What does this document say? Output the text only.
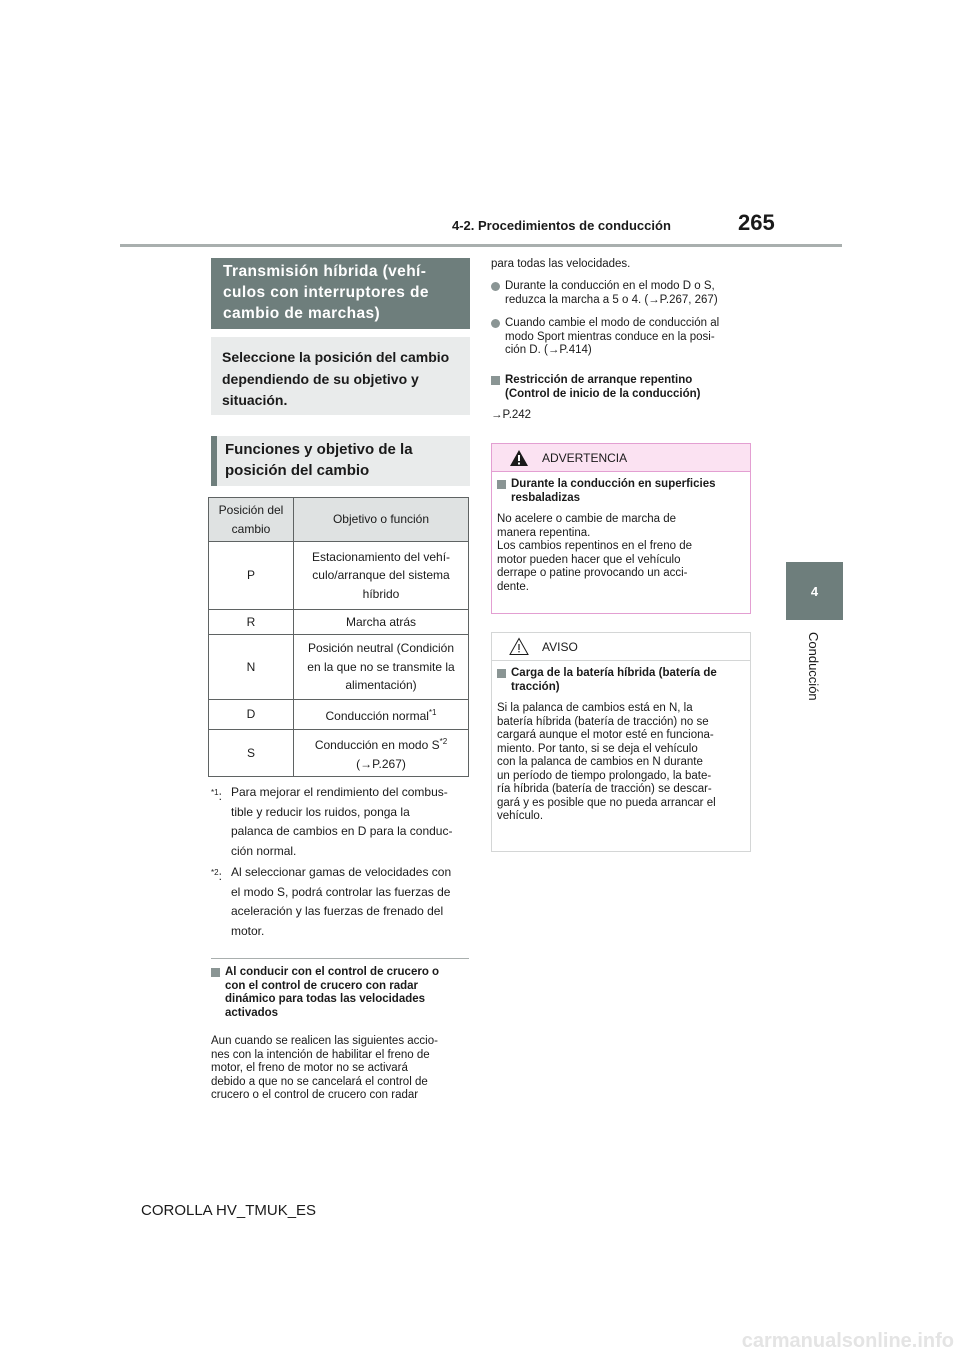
4-2. Procedimientos de conducción	265
4
Conducción
Transmisión híbrida (vehí-
culos con interruptores de
cambio de marchas)
Seleccione la posición del cambio
dependiendo de su objetivo y
situación.
Funciones y objetivo de la
posición del cambio
Posición del
cambio	Objetivo o función
P	Estacionamiento del vehí-
culo/arranque del sistema
híbrido

R	Marcha atrás
N	Posición neutral (Condición
en la que no se transmite la
alimentación)

D	Conducción normal$^{*1}$
S	Conducción en modo $S^{*2}$
(→P.267)
$^{*1}$: Para mejorar el rendimiento del combus-
tible y reducir los ruidos, ponga la
palanca de cambios en D para la conduc-
ción normal.
$^{*2}$: Al seleccionar gamas de velocidades con
el modo S, podrá controlar las fuerzas de
aceleración y las fuerzas de frenado del
motor.
Al conducir con el control de crucero o
con el control de crucero con radar
dinámico para todas las velocidades
activados
Aun cuando se realicen las siguientes accio-
nes con la intención de habilitar el freno de
motor, el freno de motor no se activará
debido a que no se cancelará el control de
crucero o el control de crucero con radar
para todas las velocidades.
Durante la conducción en el modo D o S,
reduzca la marcha a 5 o 4. (→P.267, 267)
Cuando cambie el modo de conducción al
modo Sport mientras conduce en la posi-
ción D. (→P.414)
Restricción de arranque repentino
(Control de inicio de la conducción)
→P.242
ADVERTENCIA
Durante la conducción en superficies
resbaladizas
No acelere o cambie de marcha de
manera repentina.
Los cambios repentinos en el freno de
motor pueden hacer que el vehículo
derrape o patine provocando un acci-
dente.
AVISO
Carga de la batería híbrida (batería de
tracción)
Si la palanca de cambios está en N, la
batería híbrida (batería de tracción) no se
cargará aunque el motor esté en funciona-
miento. Por tanto, si se deja el vehículo
con la palanca de cambios en N durante
un período de tiempo prolongado, la bate-
ría híbrida (batería de tracción) se descar-
gará y es posible que no pueda arrancar el
vehículo.
COROLLA HV_TMUK_ES
carmanualsonline.info
